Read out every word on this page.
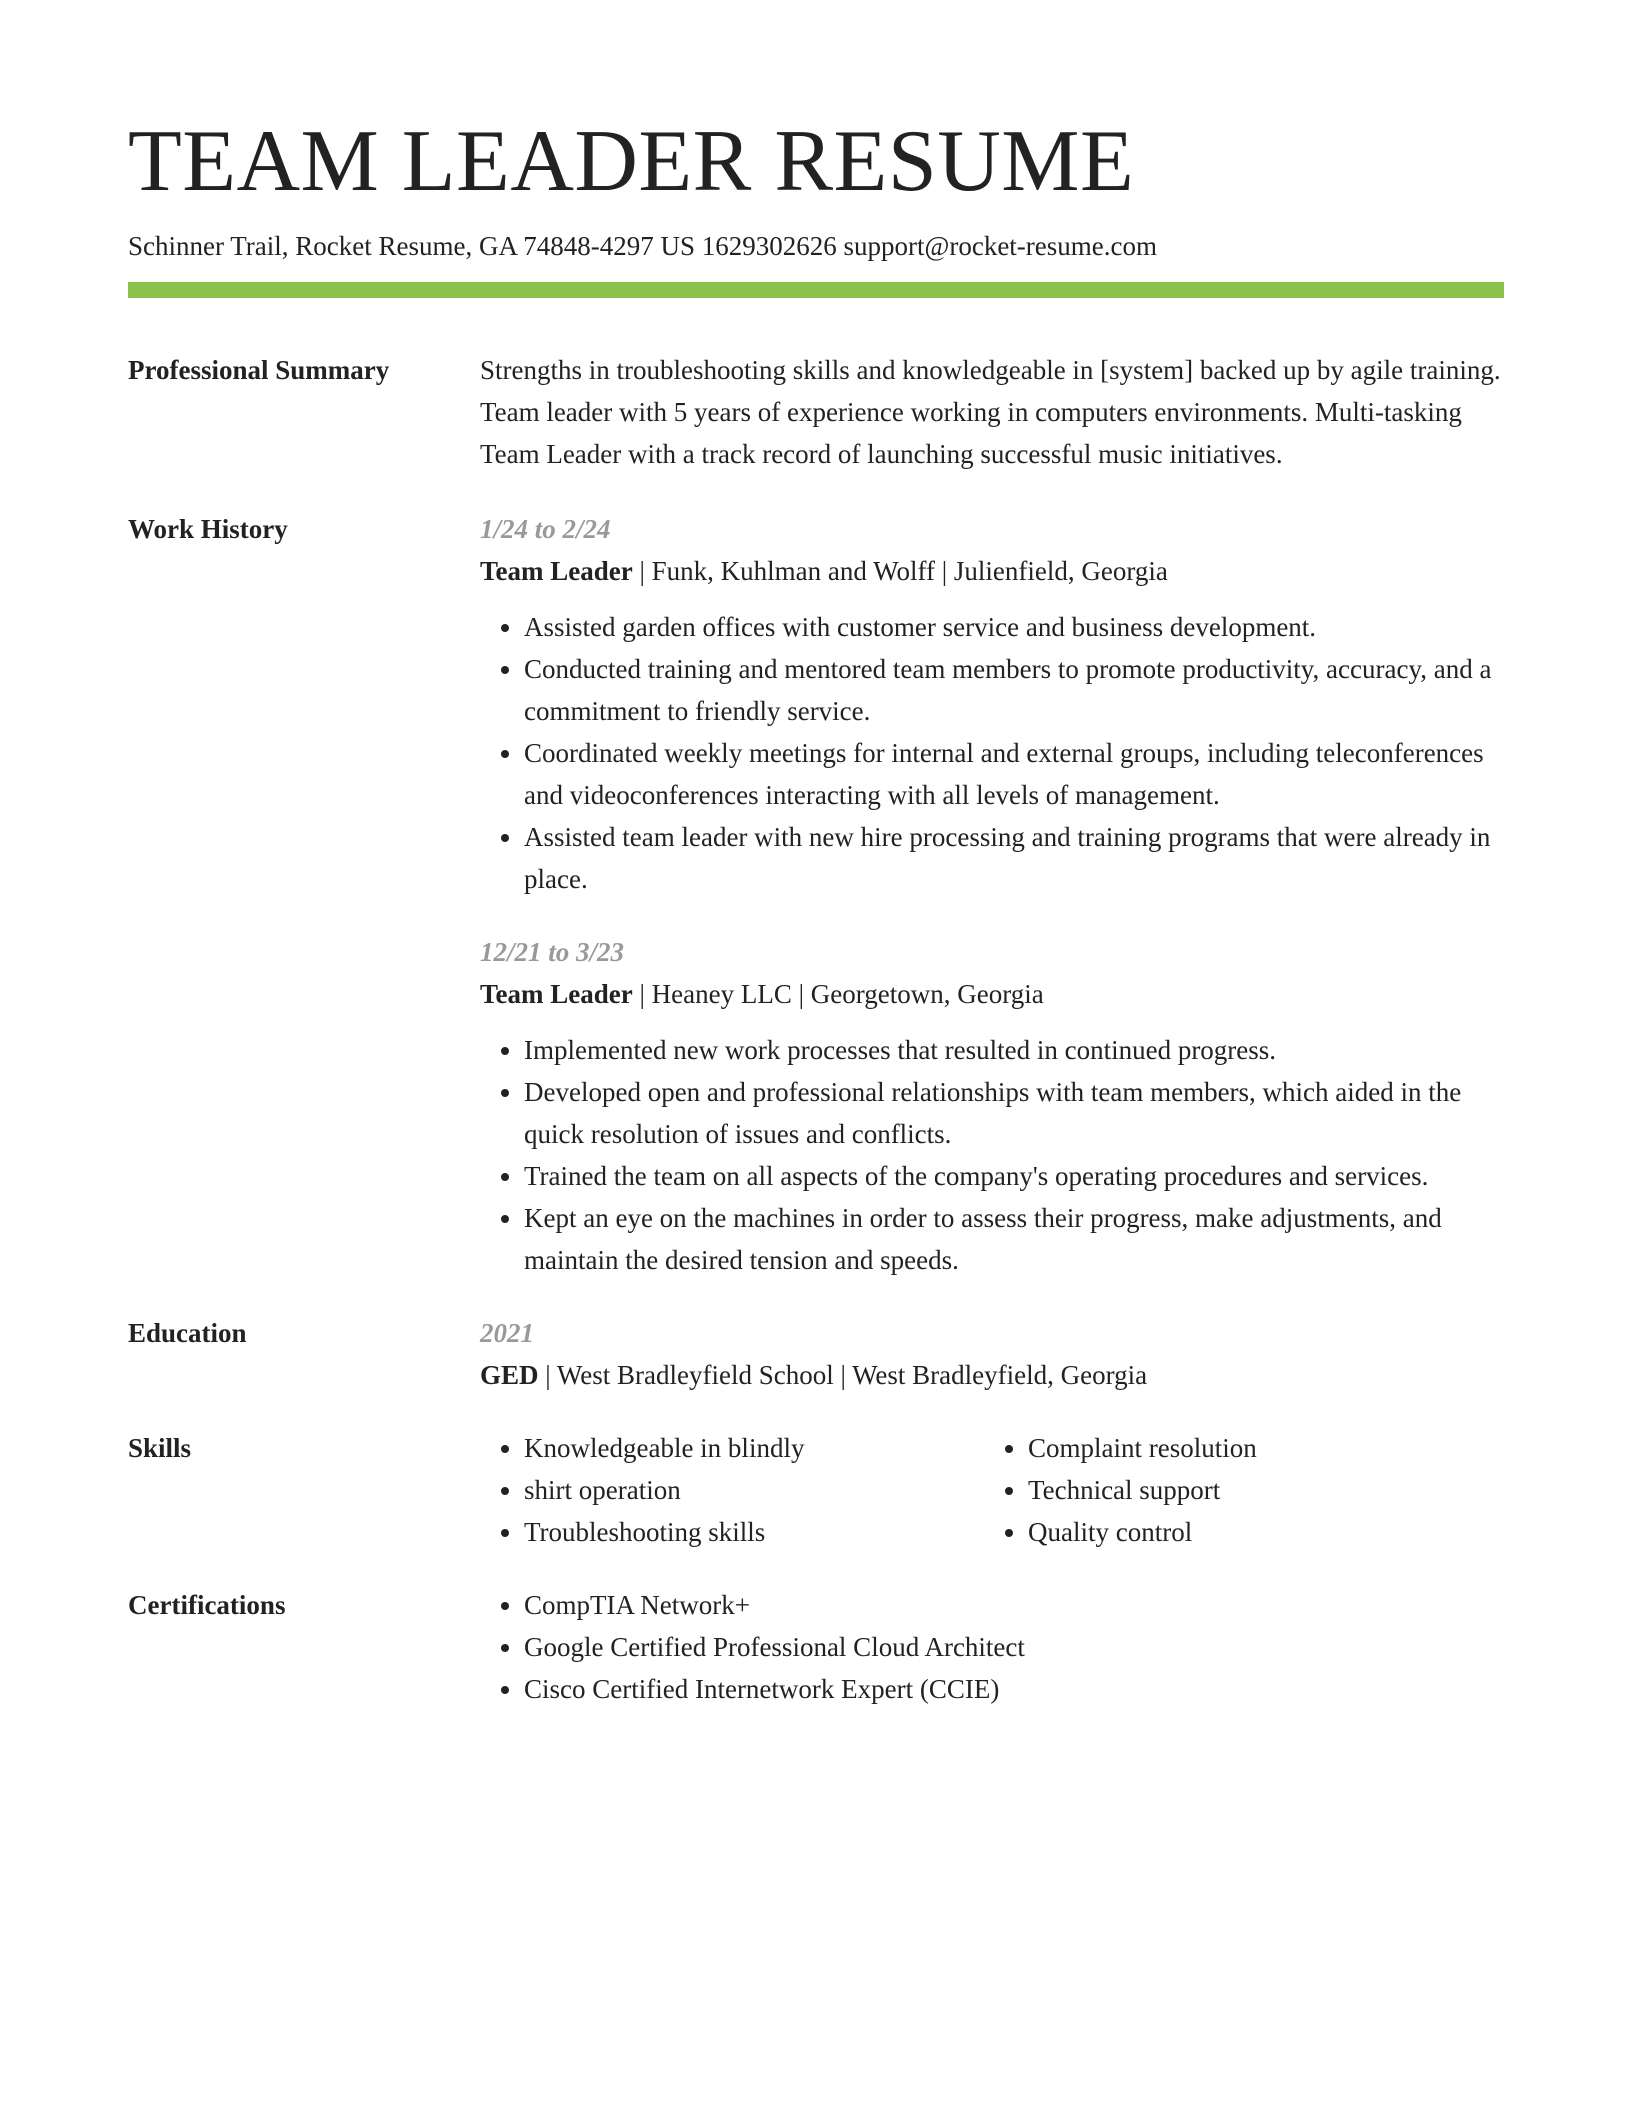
TEAM LEADER RESUME
Schinner Trail, Rocket Resume, GA 74848-4297 US 1629302626 support@rocket-resume.com
Professional Summary	Strengths in troubleshooting skills and knowledgeable in [system] backed up by agile training. Team leader with 5 years of experience working in computers environments. Multi-tasking Team Leader with a track record of launching successful music initiatives.
Work History	1/24 to 2/24
Team Leader | Funk, Kuhlman and Wolff | Julienfield, Georgia
• Assisted garden offices with customer service and business development.
• Conducted training and mentored team members to promote productivity, accuracy, and a commitment to friendly service.
• Coordinated weekly meetings for internal and external groups, including teleconferences and videoconferences interacting with all levels of management.
• Assisted team leader with new hire processing and training programs that were already in place.
12/21 to 3/23
Team Leader | Heaney LLC | Georgetown, Georgia
• Implemented new work processes that resulted in continued progress.
• Developed open and professional relationships with team members, which aided in the quick resolution of issues and conflicts.
• Trained the team on all aspects of the company's operating procedures and services.
• Kept an eye on the machines in order to assess their progress, make adjustments, and maintain the desired tension and speeds.
Education	2021
GED | West Bradleyfield School | West Bradleyfield, Georgia
Skills	• Knowledgeable in blindly
• shirt operation
• Troubleshooting skills
• Complaint resolution
• Technical support
• Quality control
Certifications	• CompTIA Network+
• Google Certified Professional Cloud Architect
• Cisco Certified Internetwork Expert (CCIE)
